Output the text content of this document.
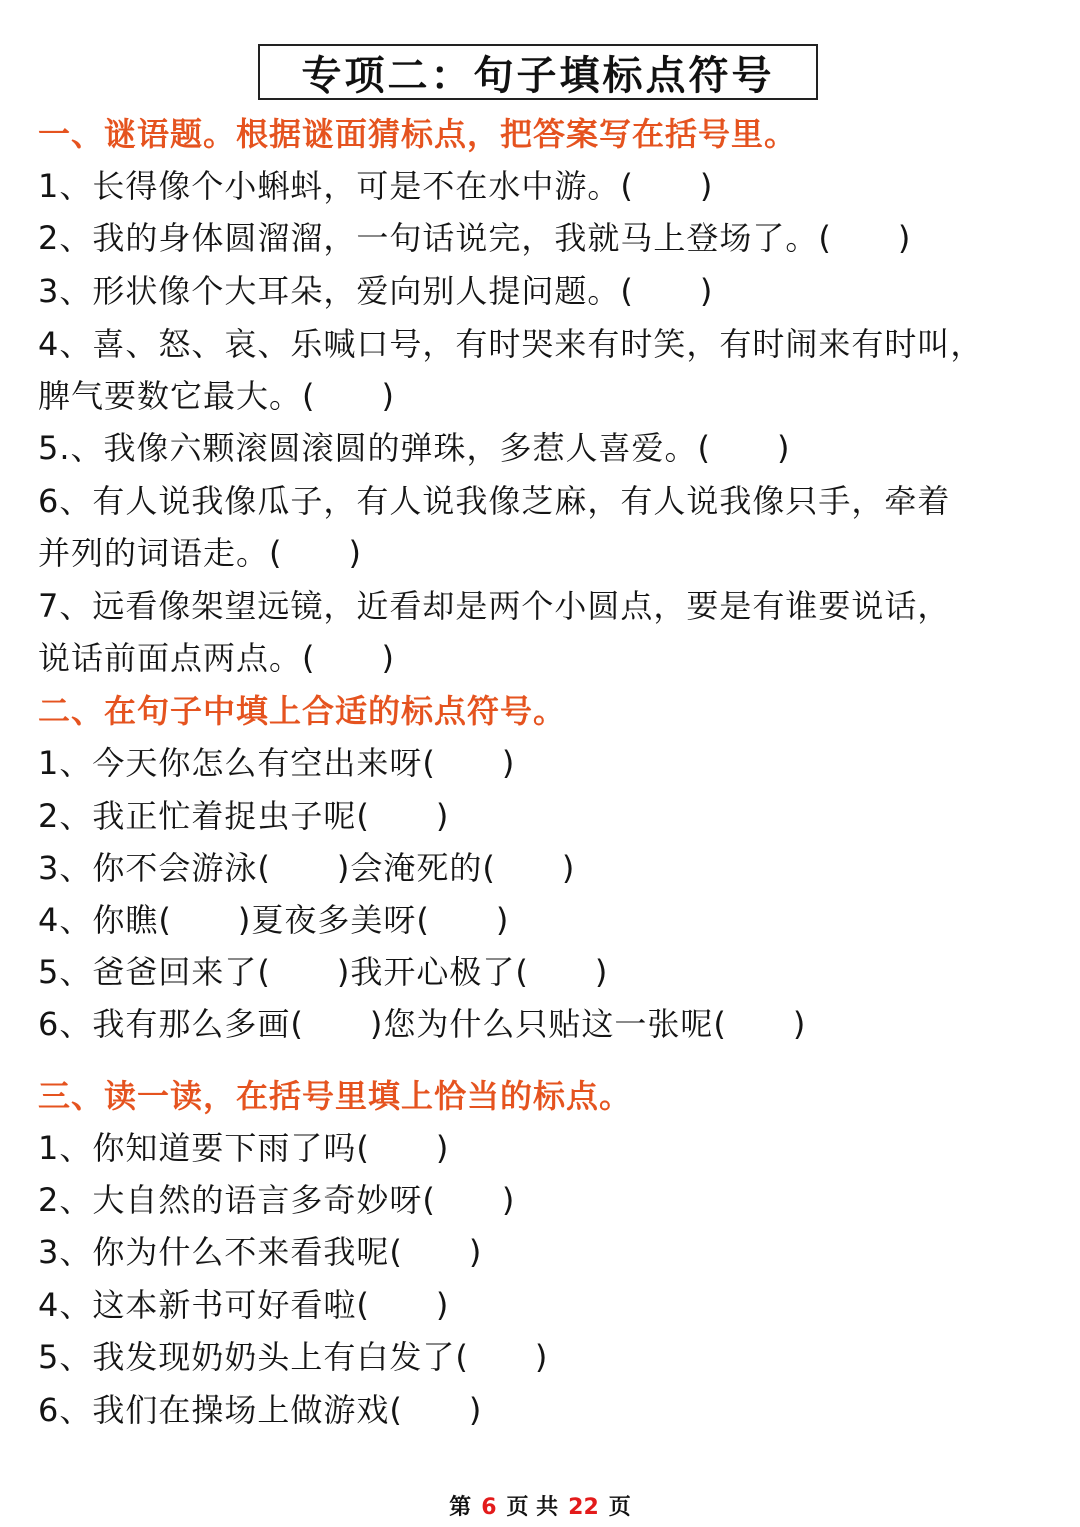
专项二：句子填标点符号
一、谜语题。根据谜面猜标点，把答案写在括号里。
1、长得像个小蝌蚪，可是不在水中游。(　　)
2、我的身体圆溜溜，一句话说完，我就马上登场了。(　　)
3、形状像个大耳朵，爱向别人提问题。(　　)
4、喜、怒、哀、乐喊口号，有时哭来有时笑，有时闹来有时叫，
脾气要数它最大。(　　)
5.、我像六颗滚圆滚圆的弹珠，多惹人喜爱。(　　)
6、有人说我像瓜子，有人说我像芝麻，有人说我像只手，牵着
并列的词语走。(　　)
7、远看像架望远镜，近看却是两个小圆点，要是有谁要说话，
说话前面点两点。(　　)
二、在句子中填上合适的标点符号。
1、今天你怎么有空出来呀(　　)
2、我正忙着捉虫子呢(　　)
3、你不会游泳(　　)会淹死的(　　)
4、你瞧(　　)夏夜多美呀(　　)
5、爸爸回来了(　　)我开心极了(　　)
6、我有那么多画(　　)您为什么只贴这一张呢(　　)
三、读一读，在括号里填上恰当的标点。
1、你知道要下雨了吗(　　)
2、大自然的语言多奇妙呀(　　)
3、你为什么不来看我呢(　　)
4、这本新书可好看啦(　　)
5、我发现奶奶头上有白发了(　　)
6、我们在操场上做游戏(　　)
第 6 页 共 22 页
